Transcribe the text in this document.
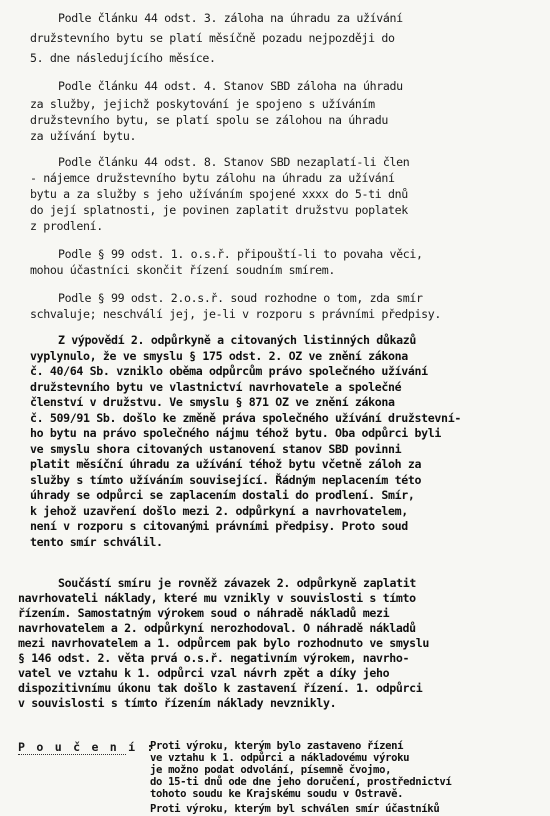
Podle článku 44 odst. 3. záloha na úhradu za užívání
družstevního bytu se platí měsíčně pozadu nejpozději do
5. dne následujícího měsíce.
Podle článku 44 odst. 4. Stanov SBD záloha na úhradu
za služby, jejichž poskytování je spojeno s užíváním
družstevního bytu, se platí spolu se zálohou na úhradu
za užívání bytu.
Podle článku 44 odst. 8. Stanov SBD nezaplatí-li člen
- nájemce družstevního bytu zálohu na úhradu za užívání
bytu a za služby s jeho užíváním spojené xxxx do 5-ti dnů
do její splatnosti, je povinen zaplatit družstvu poplatek
z prodlení.
Podle § 99 odst. 1. o.s.ř. připouští-li to povaha věci,
mohou účastníci skončit řízení soudním smírem.
Podle § 99 odst. 2.o.s.ř. soud rozhodne o tom, zda smír
schvaluje; neschválí jej, je-li v rozporu s právními předpisy.
Z výpovědí 2. odpůrkyně a citovaných listinných důkazů
vyplynulo, že ve smyslu § 175 odst. 2. OZ ve znění zákona
č. 40/64 Sb. vzniklo oběma odpůrcům právo společného užívání
družstevního bytu ve vlastnictví navrhovatele a společné
členství v družstvu. Ve smyslu § 871 OZ ve znění zákona
č. 509/91 Sb. došlo ke změně práva společného užívání družstevní-
ho bytu na právo společného nájmu téhož bytu. Oba odpůrci byli
ve smyslu shora citovaných ustanovení stanov SBD povinni
platit měsíční úhradu za užívání téhož bytu včetně záloh za
služby s tímto užíváním související. Řádným neplacením této
úhrady se odpůrci se zaplacením dostali do prodlení. Smír,
k jehož uzavření došlo mezi 2. odpůrkyní a navrhovatelem,
není v rozporu s citovanými právními předpisy. Proto soud
tento smír schválil.
Součástí smíru je rovněž závazek 2. odpůrkyně zaplatit
navrhovateli náklady, které mu vznikly v souvislosti s tímto
řízením. Samostatným výrokem soud o náhradě nákladů mezi
navrhovatelem a 2. odpůrkyní nerozhodoval. O náhradě nákladů
mezi navrhovatelem a 1. odpůrcem pak bylo rozhodnuto ve smyslu
§ 146 odst. 2. věta prvá o.s.ř. negativním výrokem, navrho-
vatel ve vztahu k 1. odpůrci vzal návrh zpět a díky jeho
dispozitivnímu úkonu tak došlo k zastavení řízení. 1. odpůrci
v souvislosti s tímto řízením náklady nevznikly.
P o u č e n í :
Proti výroku, kterým bylo zastaveno řízení
ve vztahu k 1. odpůrci a nákladovému výroku
je možno podat odvolání, písemně čvojmo,
do 15-ti dnů ode dne jeho doručení, prostřednictví
tohoto soudu ke Krajskému soudu v Ostravě.
Proti výroku, kterým byl schválen smír účastníků
